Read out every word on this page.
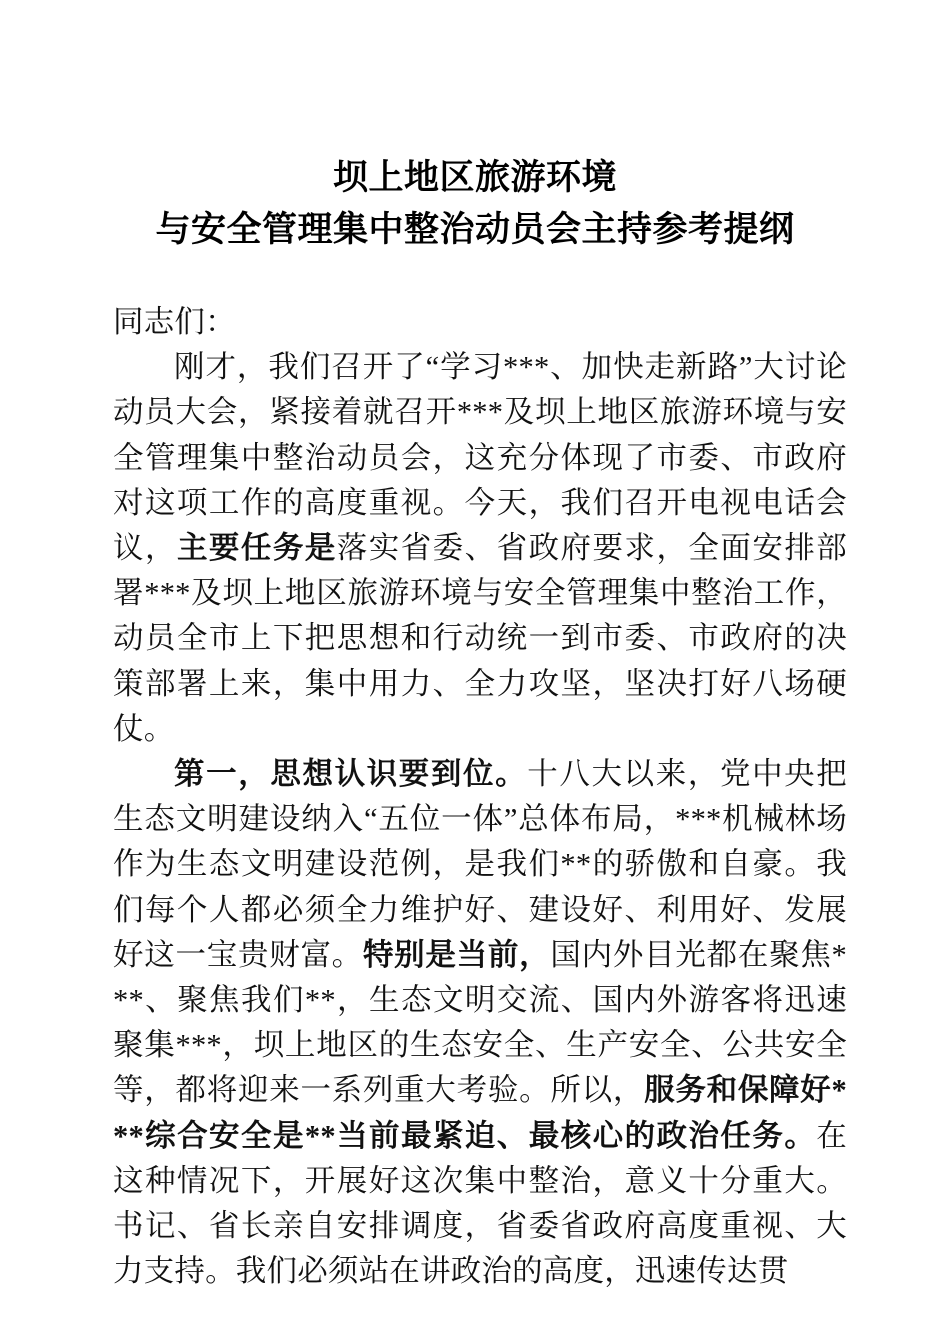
坝上地区旅游环境
与安全管理集中整治动员会主持参考提纲

同志们：

刚才，我们召开了“学习***、加快走新路”大讨论动员大会，紧接着就召开***及坝上地区旅游环境与安全管理集中整治动员会，这充分体现了市委、市政府对这项工作的高度重视。今天，我们召开电视电话会议，主要任务是落实省委、省政府要求，全面安排部署***及坝上地区旅游环境与安全管理集中整治工作，动员全市上下把思想和行动统一到市委、市政府的决策部署上来，集中用力、全力攻坚，坚决打好八场硬仗。

第一，思想认识要到位。十八大以来，党中央把生态文明建设纳入“五位一体”总体布局，***机械林场作为生态文明建设范例，是我们**的骄傲和自豪。我们每个人都必须全力维护好、建设好、利用好、发展好这一宝贵财富。特别是当前，国内外目光都在聚焦***、聚焦我们**，生态文明交流、国内外游客将迅速聚集***，坝上地区的生态安全、生产安全、公共安全等，都将迎来一系列重大考验。所以，服务和保障好***综合安全是**当前最紧迫、最核心的政治任务。在这种情况下，开展好这次集中整治，意义十分重大。书记、省长亲自安排调度，省委省政府高度重视、大力支持。我们必须站在讲政治的高度，迅速传达贯
